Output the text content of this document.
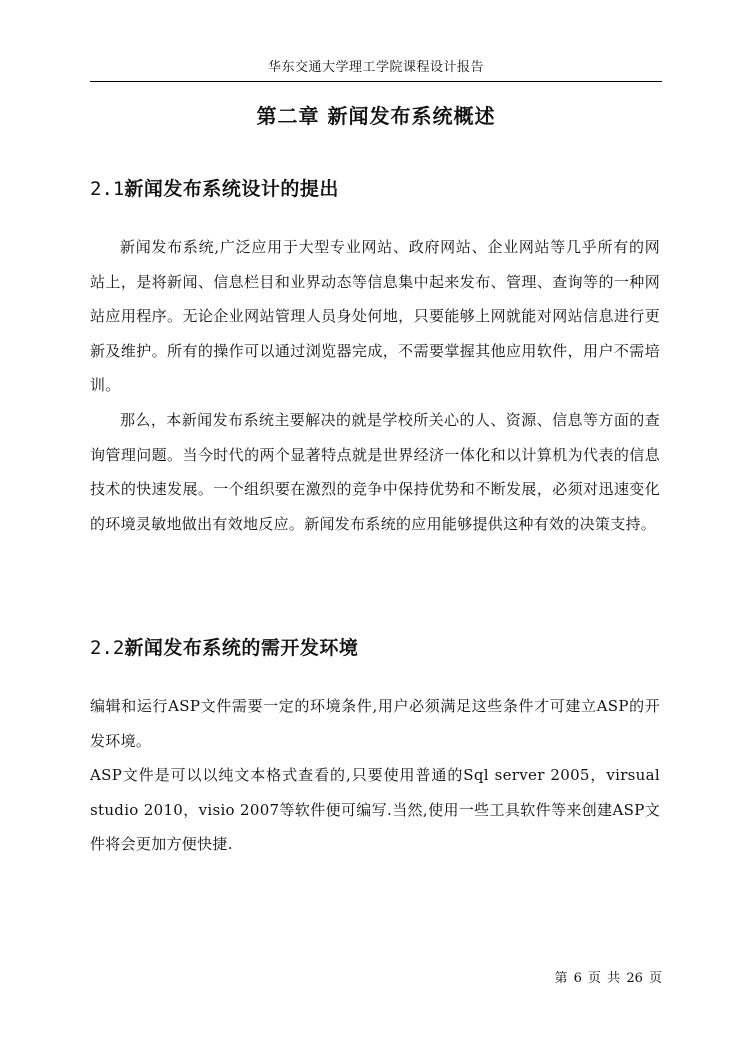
华东交通大学理工学院课程设计报告
第二章 新闻发布系统概述
2.1新闻发布系统设计的提出

新闻发布系统,广泛应用于大型专业网站、政府网站、企业网站等几乎所有的网站上，是将新闻、信息栏目和业界动态等信息集中起来发布、管理、查询等的一种网站应用程序。无论企业网站管理人员身处何地，只要能够上网就能对网站信息进行更新及维护。所有的操作可以通过浏览器完成，不需要掌握其他应用软件，用户不需培训。

那么，本新闻发布系统主要解决的就是学校所关心的人、资源、信息等方面的查询管理问题。当今时代的两个显著特点就是世界经济一体化和以计算机为代表的信息技术的快速发展。一个组织要在激烈的竞争中保持优势和不断发展，必须对迅速变化的环境灵敏地做出有效地反应。新闻发布系统的应用能够提供这种有效的决策支持。

2.2新闻发布系统的需开发环境

编辑和运行ASP文件需要一定的环境条件,用户必须满足这些条件才可建立ASP的开发环境。

ASP文件是可以以纯文本格式查看的,只要使用普通的Sql server 2005，virsual studio 2010，visio 2007等软件便可编写.当然,使用一些工具软件等来创建ASP文件将会更加方便快捷.

第 6 页 共 26 页
